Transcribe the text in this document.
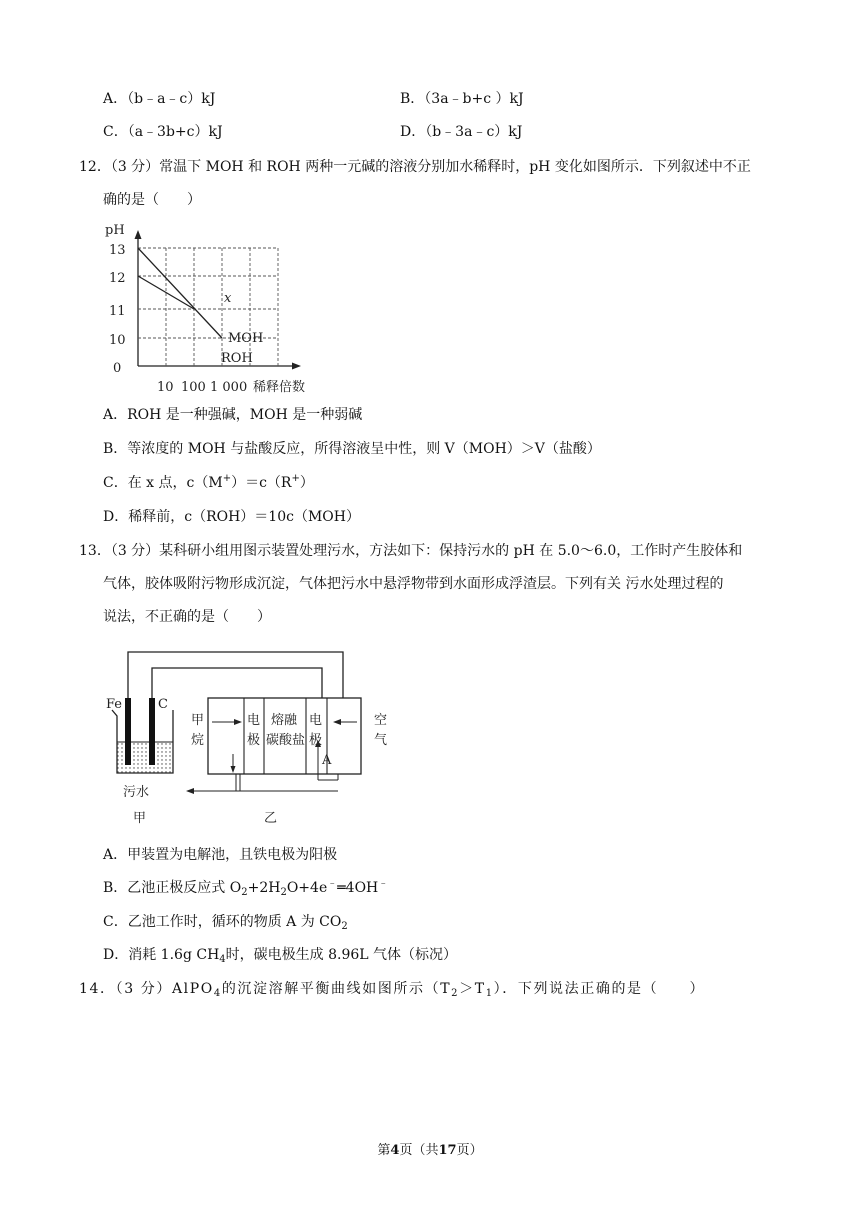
A．（b﹣a﹣c）kJ	B．（3a﹣b+c ）kJ
C．（a﹣3b+c）kJ	D．（b﹣3a﹣c）kJ
12．（3 分）常温下 MOH 和 ROH 两种一元碱的溶液分别加水稀释时，pH 变化如图所示．下列叙述中不正
确的是（　　）
pH
13
12
11
10
0
x
MOH
ROH
10 100 1 000 稀释倍数
A．ROH 是一种强碱，MOH 是一种弱碱
B．等浓度的 MOH 与盐酸反应，所得溶液呈中性，则 V（MOH）＞V（盐酸）
C．在 x 点，c（M+）＝c（R+）
D．稀释前，c（ROH）＝10c（MOH）
13．（3 分）某科研小组用图示装置处理污水，方法如下：保持污水的 pH 在 5.0～6.0，工作时产生胶体和
气体，胶体吸附污物形成沉淀，气体把污水中悬浮物带到水面形成浮渣层。下列有关 污水处理过程的
说法，不正确的是（　　）
Fe	C
A
甲
烷
电
极
熔融
碳酸盐
电
极
空
气
污水
甲	乙
A．甲装置为电解池，且铁电极为阳极
B．乙池正极反应式 $O_2+2H_2O+4e^﹣═4OH^﹣$
C．乙池工作时，循环的物质 A 为 $CO_2$
D．消耗 1.6g $CH_4$时，碳电极生成 8.96L 气体（标况）
14．（3 分）AlPO$_4$的沉淀溶解平衡曲线如图所示$(T_2>T_1)$．下列说法正确的是（　　）
第4页（共17页）
